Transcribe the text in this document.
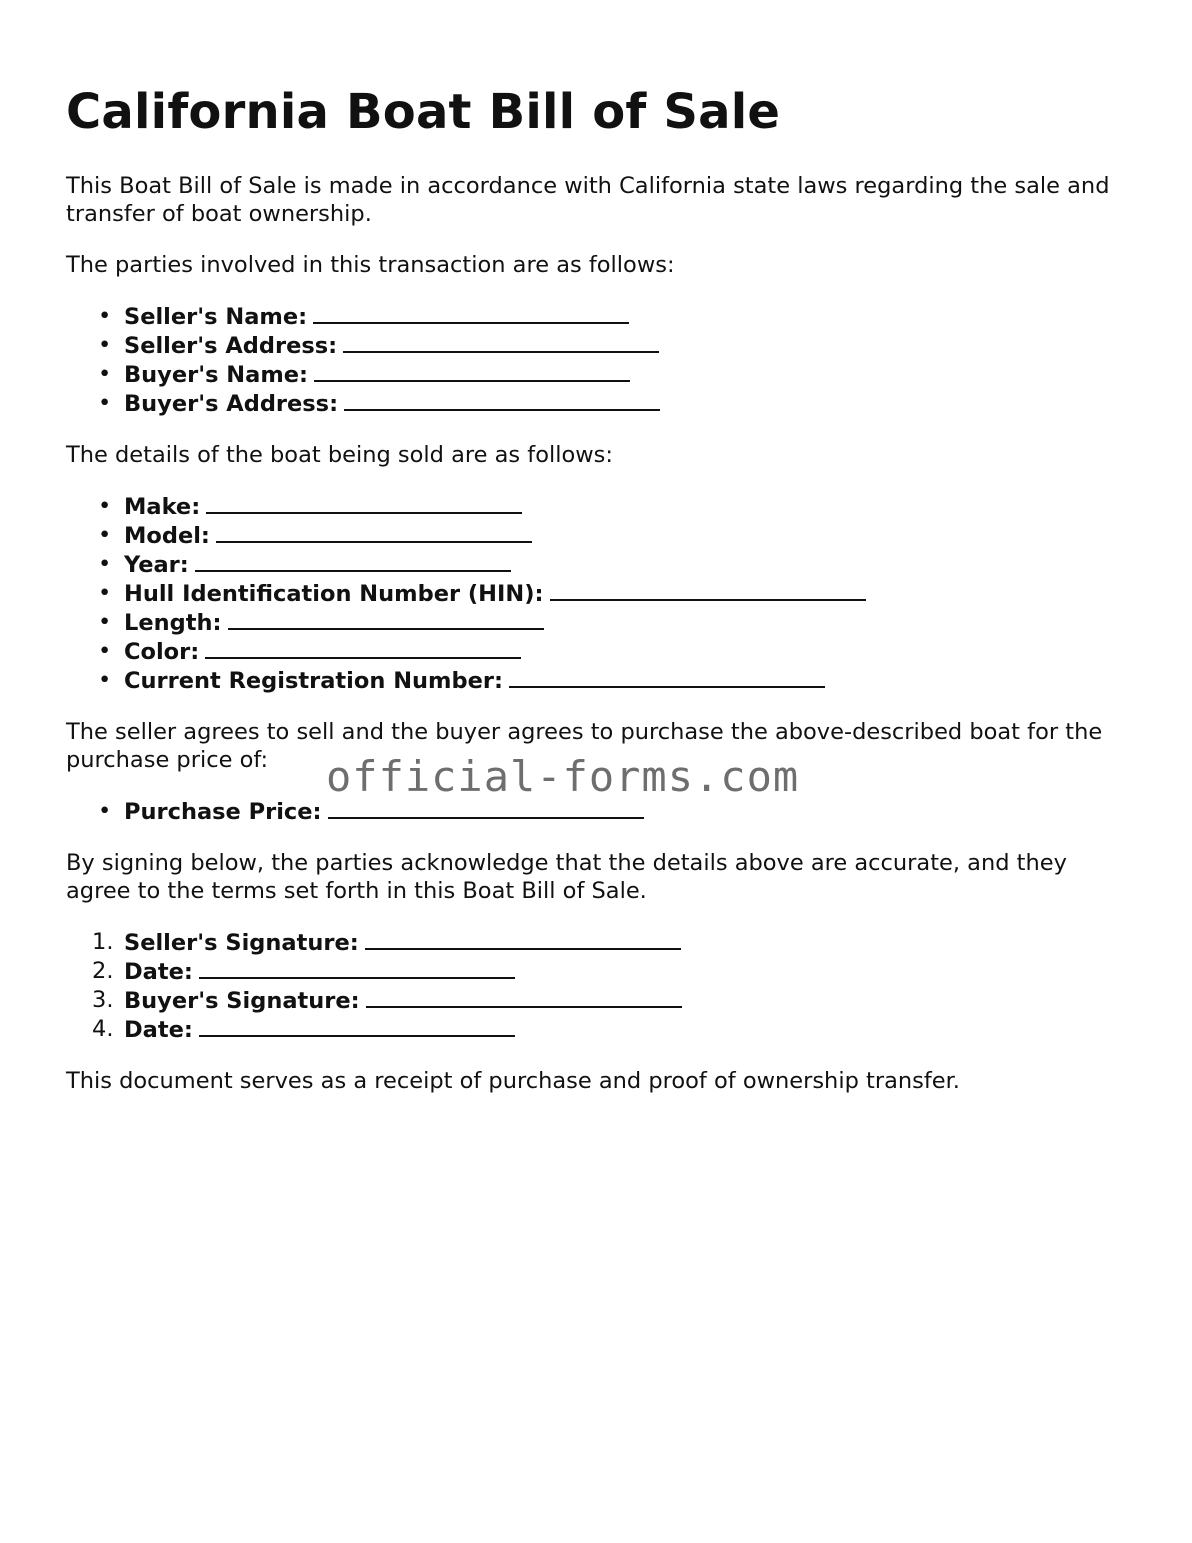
California Boat Bill of Sale

This Boat Bill of Sale is made in accordance with California state laws regarding the sale and transfer of boat ownership.

The parties involved in this transaction are as follows:

• Seller's Name:
• Seller's Address:
• Buyer's Name:
• Buyer's Address:

The details of the boat being sold are as follows:

• Make:
• Model:
• Year:
• Hull Identification Number (HIN):
• Length:
• Color:
• Current Registration Number:

The seller agrees to sell and the buyer agrees to purchase the above-described boat for the purchase price of:

• Purchase Price:

By signing below, the parties acknowledge that the details above are accurate, and they agree to the terms set forth in this Boat Bill of Sale.

1. Seller's Signature:
2. Date:
3. Buyer's Signature:
4. Date:

This document serves as a receipt of purchase and proof of ownership transfer.

official-forms.com
